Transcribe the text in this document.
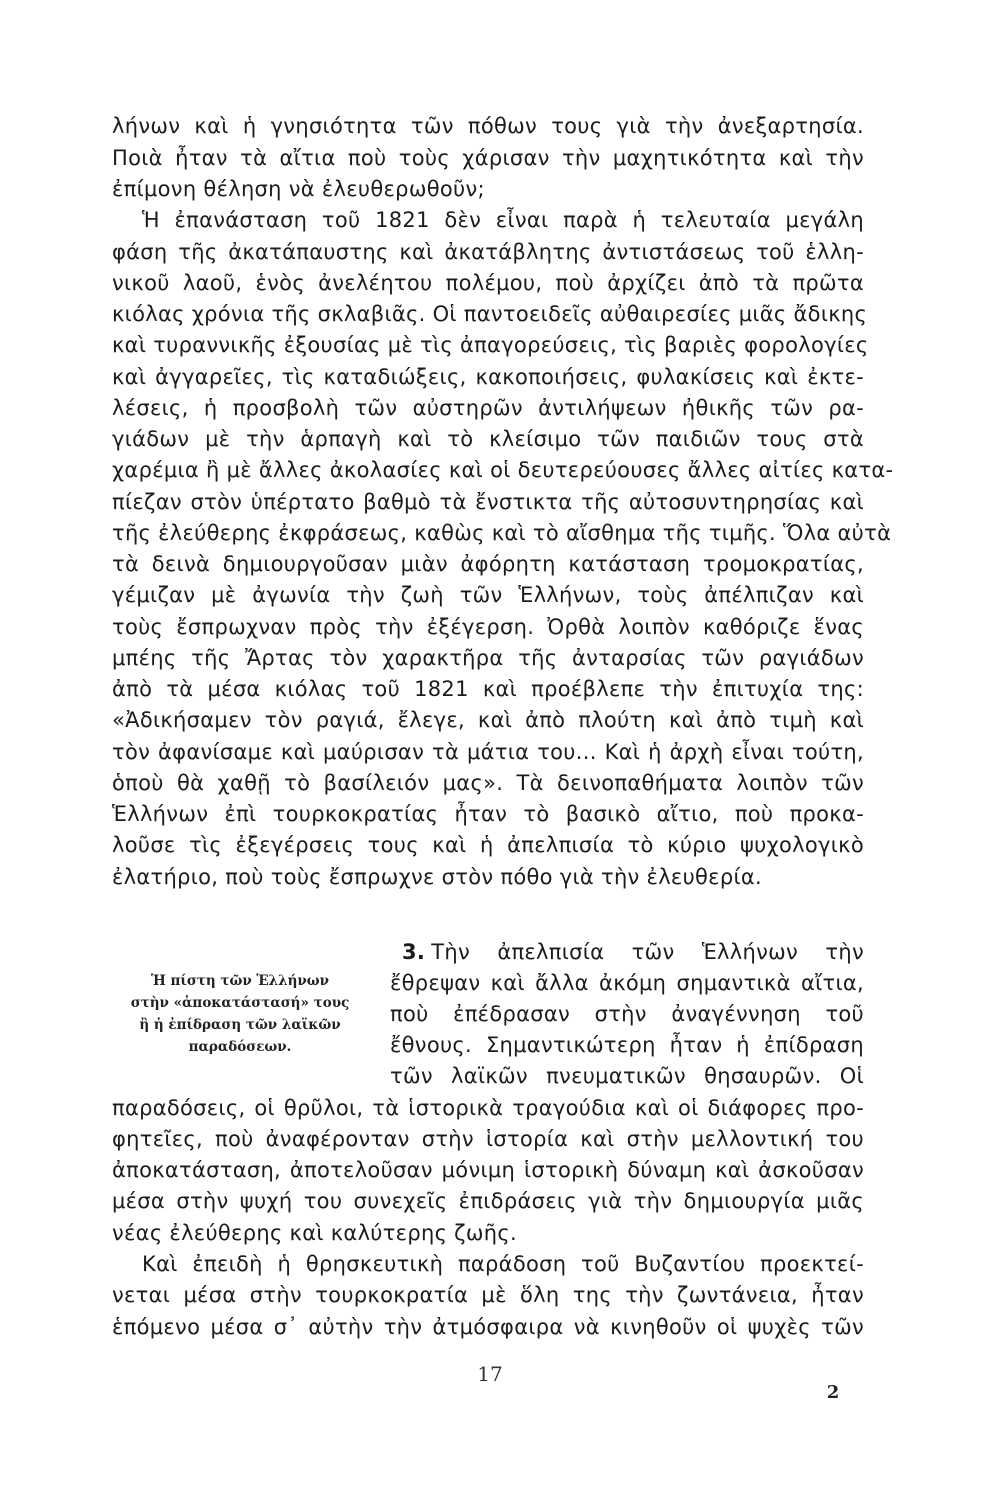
λήνων καὶ ἡ γνησιότητα τῶν πόθων τους γιὰ τὴν ἀνεξαρτησία.
Ποιὰ ἦταν τὰ αἴτια ποὺ τοὺς χάρισαν τὴν μαχητικότητα καὶ τὴν
ἐπίμονη θέληση νὰ ἐλευθερωθοῦν;
Ἡ ἐπανάσταση τοῦ 1821 δὲν εἶναι παρὰ ἡ τελευταία μεγάλη
φάση τῆς ἀκατάπαυστης καὶ ἀκατάβλητης ἀντιστάσεως τοῦ ἑλλη-
νικοῦ λαοῦ, ἑνὸς ἀνελέητου πολέμου, ποὺ ἀρχίζει ἀπὸ τὰ πρῶτα
κιόλας χρόνια τῆς σκλαβιᾶς. Οἱ παντοειδεῖς αὐθαιρεσίες μιᾶς ἄδικης
καὶ τυραννικῆς ἐξουσίας μὲ τὶς ἀπαγορεύσεις, τὶς βαριὲς φορολογίες
καὶ ἀγγαρεῖες, τὶς καταδιώξεις, κακοποιήσεις, φυλακίσεις καὶ ἐκτε-
λέσεις, ἡ προσβολὴ τῶν αὐστηρῶν ἀντιλήψεων ἠθικῆς τῶν ρα-
γιάδων μὲ τὴν ἁρπαγὴ καὶ τὸ κλείσιμο τῶν παιδιῶν τους στὰ
χαρέμια ἢ μὲ ἄλλες ἀκολασίες καὶ οἱ δευτερεύουσες ἄλλες αἰτίες κατα-
πίεζαν στὸν ὑπέρτατο βαθμὸ τὰ ἔνστικτα τῆς αὐτοσυντηρησίας καὶ
τῆς ἐλεύθερης ἐκφράσεως, καθὼς καὶ τὸ αἴσθημα τῆς τιμῆς. Ὅλα αὐτὰ
τὰ δεινὰ δημιουργοῦσαν μιὰν ἀφόρητη κατάσταση τρομοκρατίας,
γέμιζαν μὲ ἀγωνία τὴν ζωὴ τῶν Ἑλλήνων, τοὺς ἀπέλπιζαν καὶ
τοὺς ἔσπρωχναν πρὸς τὴν ἐξέγερση. Ὀρθὰ λοιπὸν καθόριζε ἕνας
μπέης τῆς Ἄρτας τὸν χαρακτῆρα τῆς ἀνταρσίας τῶν ραγιάδων
ἀπὸ τὰ μέσα κιόλας τοῦ 1821 καὶ προέβλεπε τὴν ἐπιτυχία της:
«Ἀδικήσαμεν τὸν ραγιά, ἔλεγε, καὶ ἀπὸ πλούτη καὶ ἀπὸ τιμὴ καὶ
τὸν ἀφανίσαμε καὶ μαύρισαν τὰ μάτια του... Καὶ ἡ ἀρχὴ εἶναι τούτη,
ὁποὺ θὰ χαθῇ τὸ βασίλειόν μας». Τὰ δεινοπαθήματα λοιπὸν τῶν
Ἑλλήνων ἐπὶ τουρκοκρατίας ἦταν τὸ βασικὸ αἴτιο, ποὺ προκα-
λοῦσε τὶς ἐξεγέρσεις τους καὶ ἡ ἀπελπισία τὸ κύριο ψυχολογικὸ
ἐλατήριο, ποὺ τοὺς ἔσπρωχνε στὸν πόθο γιὰ τὴν ἐλευθερία.
3. Τὴν ἀπελπισία τῶν Ἑλλήνων τὴν
ἔθρεψαν καὶ ἄλλα ἀκόμη σημαντικὰ αἴτια,
ποὺ ἐπέδρασαν στὴν ἀναγέννηση τοῦ
ἔθνους. Σημαντικώτερη ἦταν ἡ ἐπίδραση
τῶν λαϊκῶν πνευματικῶν θησαυρῶν. Οἱ
Ἡ πίστη τῶν Ἑλλήνων
στὴν «ἀποκατάστασή» τους
ἢ ἡ ἐπίδραση τῶν λαϊκῶν
παραδόσεων.
παραδόσεις, οἱ θρῦλοι, τὰ ἱστορικὰ τραγούδια καὶ οἱ διάφορες προ-
φητεῖες, ποὺ ἀναφέρονταν στὴν ἱστορία καὶ στὴν μελλοντική του
ἀποκατάσταση, ἀποτελοῦσαν μόνιμη ἱστορικὴ δύναμη καὶ ἀσκοῦσαν
μέσα στὴν ψυχή του συνεχεῖς ἐπιδράσεις γιὰ τὴν δημιουργία μιᾶς
νέας ἐλεύθερης καὶ καλύτερης ζωῆς.
Καὶ ἐπειδὴ ἡ θρησκευτικὴ παράδοση τοῦ Βυζαντίου προεκτεί-
νεται μέσα στὴν τουρκοκρατία μὲ ὅλη της τὴν ζωντάνεια, ἦταν
ἑπόμενο μέσα σ᾽ αὐτὴν τὴν ἀτμόσφαιρα νὰ κινηθοῦν οἱ ψυχὲς τῶν
17
2
